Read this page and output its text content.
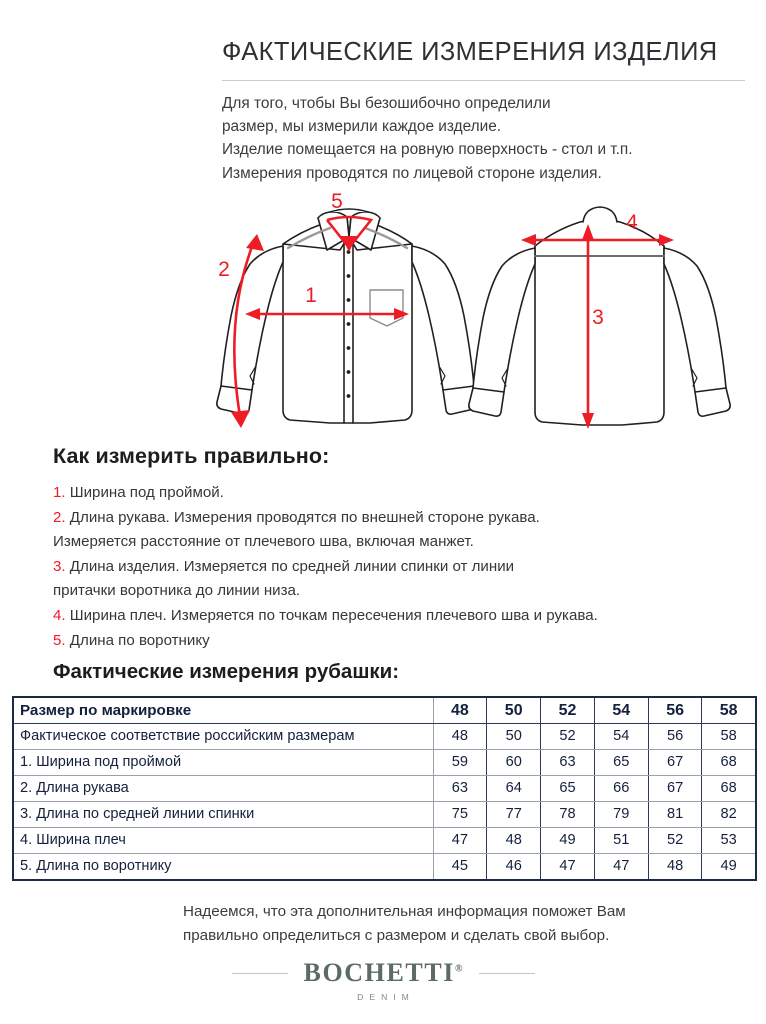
ФАКТИЧЕСКИЕ ИЗМЕРЕНИЯ ИЗДЕЛИЯ
Для того, чтобы Вы безошибочно определили
размер, мы измерили каждое изделие.
Изделие помещается на ровную поверхность - стол и т.п.
Измерения проводятся по лицевой стороне изделия.
1
2
3
4
5
Как измерить правильно:

1. Ширина под проймой.

2. Длина рукава. Измерения проводятся по внешней стороне рукава.

Измеряется расстояние от плечевого шва, включая манжет.

3. Длина изделия. Измеряется по средней линии спинки от линии

притачки воротника до линии низа.

4. Ширина плеч. Измеряется по точкам пересечения плечевого шва и рукава.

5. Длина по воротнику

Фактические измерения рубашки:
Размер по маркировке	48	50	52	54	56	58
Фактическое соответствие российским размерам	48	50	52	54	56	58
1. Ширина под проймой	59	60	63	65	67	68
2. Длина рукава	63	64	65	66	67	68
3. Длина по средней линии спинки	75	77	78	79	81	82
4. Ширина плеч	47	48	49	51	52	53
5. Длина по воротнику	45	46	47	47	48	49
Надеемся, что эта дополнительная информация поможет Вам
правильно определиться с размером и сделать свой выбор.
BOCHETTI®
DENIM
